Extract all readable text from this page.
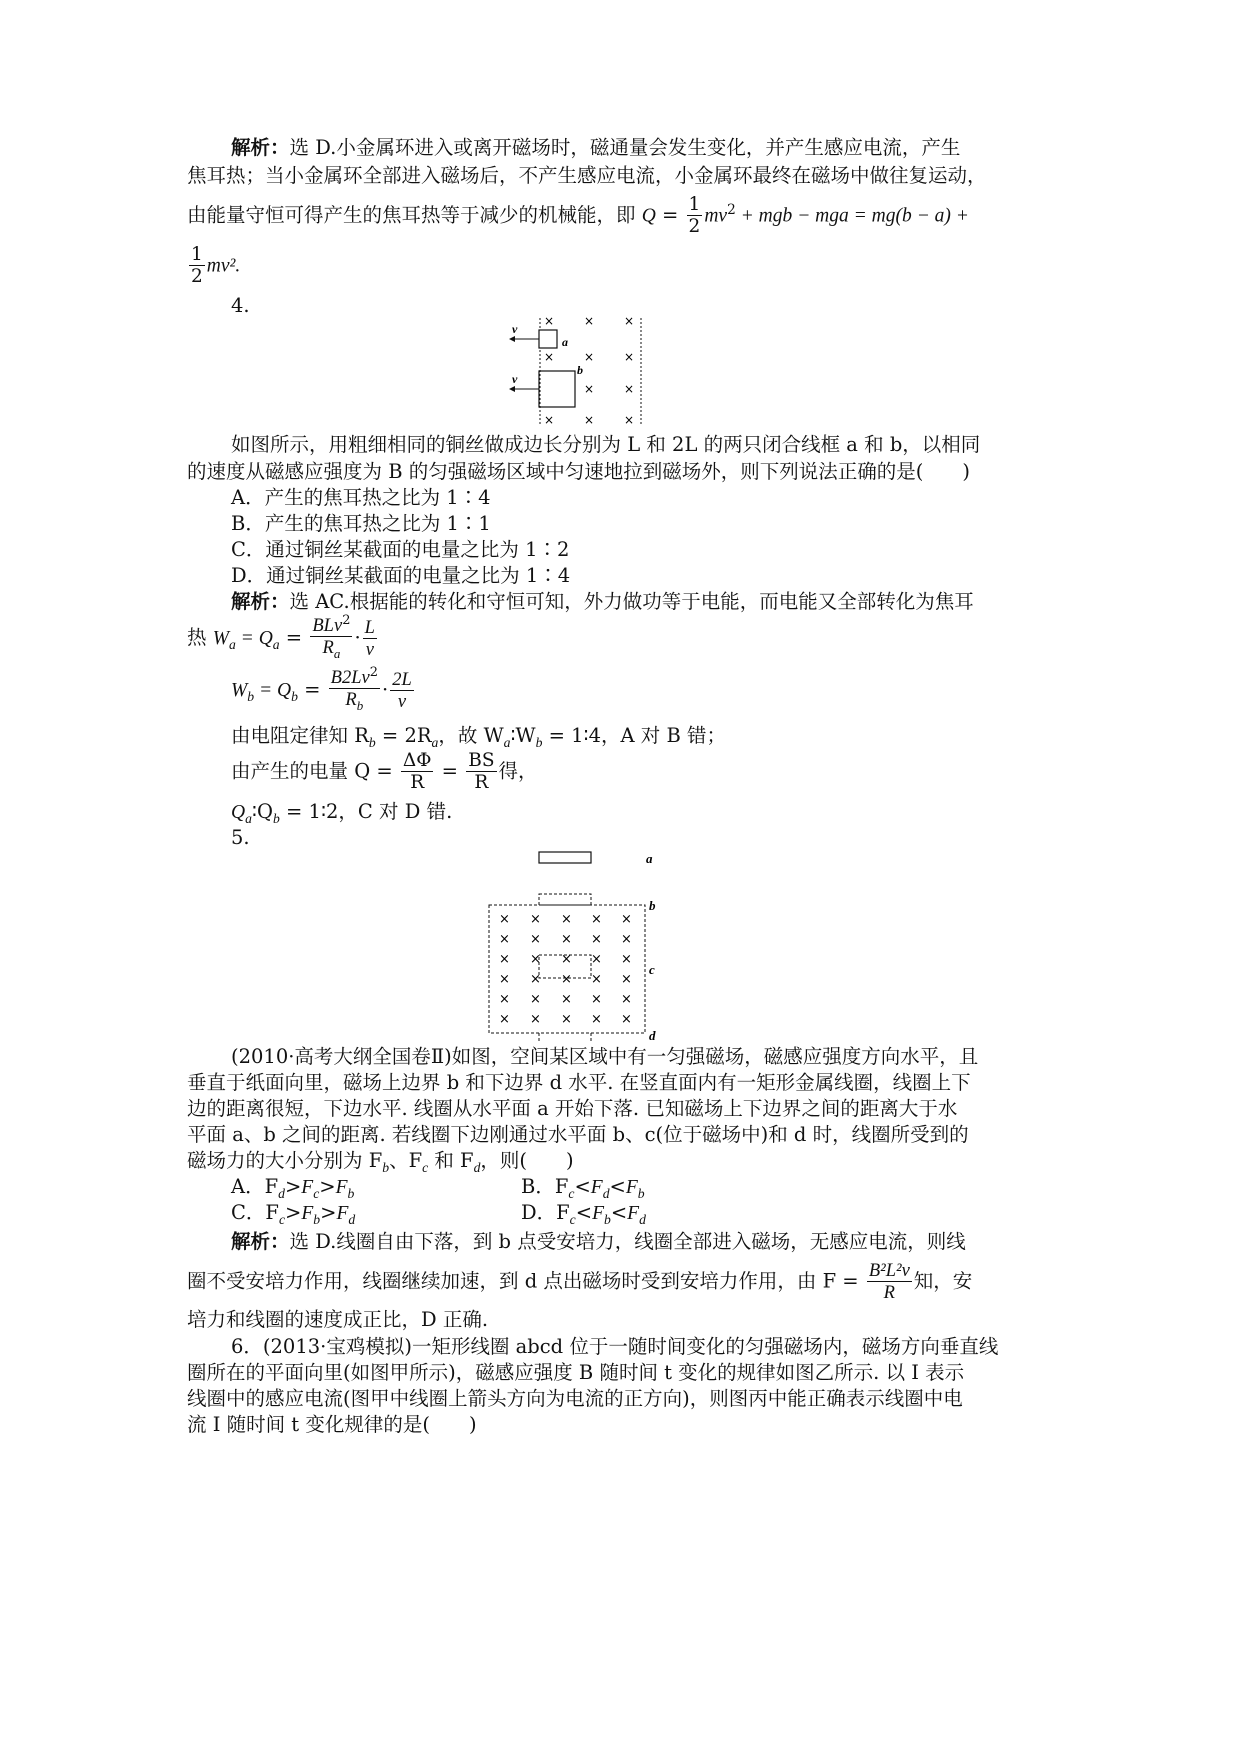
解析：选 D.小金属环进入或离开磁场时，磁通量会发生变化，并产生感应电流，产生
焦耳热；当小金属环全部进入磁场后，不产生感应电流，小金属环最终在磁场中做往复运动，
由能量守恒可得产生的焦耳热等于减少的机械能，即 $Q = \frac{1}{2} mv^2$ + mgb − mga = mg(b − a) +
$\frac{1}{2} mv^2$.
4.
× × ×
× × ×
× ×
× × ×
v
v
a
b
如图所示，用粗细相同的铜丝做成边长分别为 L 和 2L 的两只闭合线框 a 和 b，以相同
的速度从磁感应强度为 B 的匀强磁场区域中匀速地拉到磁场外，则下列说法正确的是(　　)
A．产生的焦耳热之比为 1∶4
B．产生的焦耳热之比为 1∶1
C．通过铜丝某截面的电量之比为 1∶2
D．通过铜丝某截面的电量之比为 1∶4
解析：选 AC.根据能的转化和守恒可知，外力做功等于电能，而电能又全部转化为焦耳
热 $W_a = Q_a = \frac{BLv^2}{R_a} \cdot \frac{L}{v}$
$W_b = Q_b = \frac{B2Lv^2}{R_b} \cdot \frac{2L}{v}$
由电阻定律知 $R_b = 2R_a$，故 $W_a∶W_b$ = 1∶4，A 对 B 错；
由产生的电量 $Q = \frac{\Delta\Phi}{R} = \frac{BS}{R}$ 得，
$Q_a∶Q_b$ = 1∶2，C 对 D 错.
5.
× × × × ×
× × × × ×
× × × × ×
× × × × ×
× × × × ×
× × × × ×
a
b
c
d
(2010·高考大纲全国卷Ⅱ)如图，空间某区域中有一匀强磁场，磁感应强度方向水平，且
垂直于纸面向里，磁场上边界 b 和下边界 d 水平. 在竖直面内有一矩形金属线圈，线圈上下
边的距离很短，下边水平. 线圈从水平面 a 开始下落. 已知磁场上下边界之间的距离大于水
平面 a、b 之间的距离. 若线圈下边刚通过水平面 b、c(位于磁场中)和 d 时，线圈所受到的
磁场力的大小分别为 $F_b$、$F_c$ 和 $F_d$，则(　　)
A．$F_d>F_c>F_b$	B．$F_c<F_d<F_b$
C．$F_c>F_b>F_d$	D．$F_c<F_b<F_d$
解析：选 D.线圈自由下落，到 b 点受安培力，线圈全部进入磁场，无感应电流，则线
圈不受安培力作用，线圈继续加速，到 d 点出磁场时受到安培力作用，由 $F = \frac{\text{B²L²v}}{R}$ 知，安
培力和线圈的速度成正比，D 正确.
6．(2013·宝鸡模拟)一矩形线圈 abcd 位于一随时间变化的匀强磁场内，磁场方向垂直线
圈所在的平面向里(如图甲所示)，磁感应强度 B 随时间 t 变化的规律如图乙所示. 以 I 表示
线圈中的感应电流(图甲中线圈上箭头方向为电流的正方向)，则图丙中能正确表示线圈中电
流 I 随时间 t 变化规律的是(　　)
